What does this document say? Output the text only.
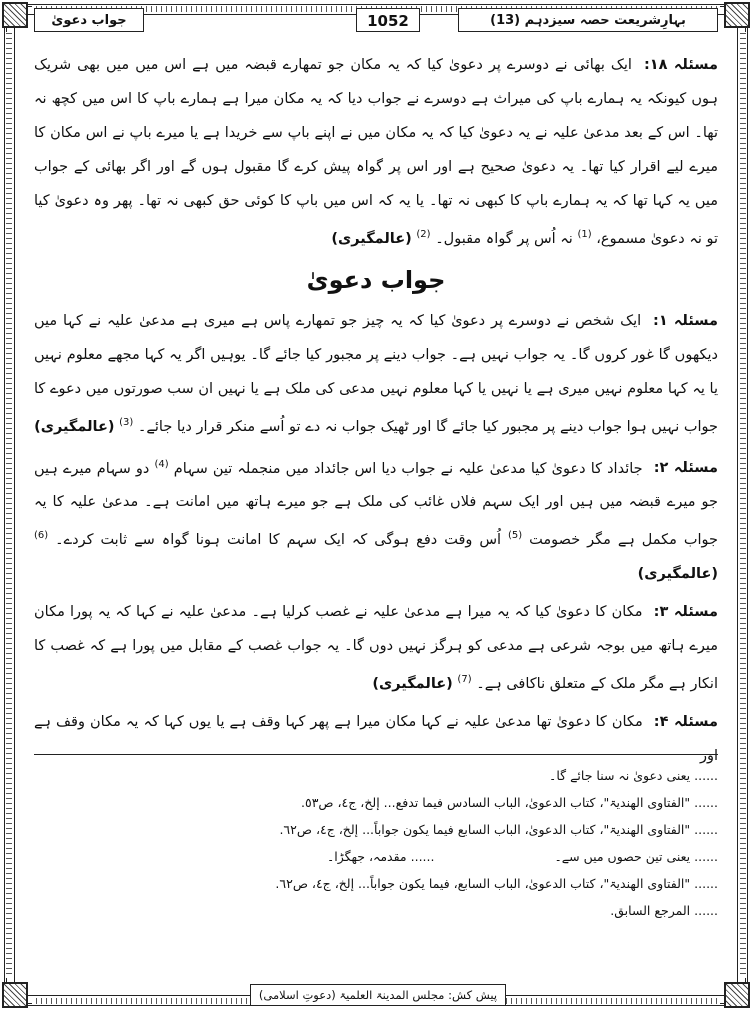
بہارِشریعت حصہ سیزدہم (13)
1052
جواب دعویٰ

مسئلہ ۱۸: ایک بھائی نے دوسرے پر دعویٰ کیا کہ یہ مکان جو تمھارے قبضہ میں ہے اس میں میں بھی شریک ہوں کیونکہ یہ ہمارے باپ کی میراث ہے دوسرے نے جواب دیا کہ یہ مکان میرا ہے ہمارے باپ کا اس میں کچھ نہ تھا۔ اس کے بعد مدعیٰ علیہ نے یہ دعویٰ کیا کہ یہ مکان میں نے اپنے باپ سے خریدا ہے یا میرے باپ نے اس مکان کا میرے لیے اقرار کیا تھا۔ یہ دعویٰ صحیح ہے اور اس پر گواہ پیش کرے گا مقبول ہوں گے اور اگر بھائی کے جواب میں یہ کہا تھا کہ یہ ہمارے باپ کا کبھی نہ تھا۔ یا یہ کہ اس میں باپ کا کوئی حق کبھی نہ تھا۔ پھر وہ دعویٰ کیا تو نہ دعویٰ مسموع، $^{(1)}$ نہ اُس پر گواہ مقبول۔ $^{(2)}$ (عالمگیری)

جواب دعویٰ

مسئلہ ۱: ایک شخص نے دوسرے پر دعویٰ کیا کہ یہ چیز جو تمھارے پاس ہے میری ہے مدعیٰ علیہ نے کہا میں دیکھوں گا غور کروں گا۔ یہ جواب نہیں ہے۔ جواب دینے پر مجبور کیا جائے گا۔ یوہیں اگر یہ کہا مجھے معلوم نہیں یا یہ کہا معلوم نہیں میری ہے یا نہیں یا کہا معلوم نہیں مدعی کی ملک ہے یا نہیں ان سب صورتوں میں دعوے کا جواب نہیں ہوا جواب دینے پر مجبور کیا جائے گا اور ٹھیک جواب نہ دے تو اُسے منکر قرار دیا جائے۔ $^{(3)}$ (عالمگیری)

مسئلہ ۲: جائداد کا دعویٰ کیا مدعیٰ علیہ نے جواب دیا اس جائداد میں منجملہ تین سہام $^{(4)}$ دو سہام میرے ہیں جو میرے قبضہ میں ہیں اور ایک سہم فلاں غائب کی ملک ہے جو میرے ہاتھ میں امانت ہے۔ مدعیٰ علیہ کا یہ جواب مکمل ہے مگر خصومت $^{(5)}$ اُس وقت دفع ہوگی کہ ایک سہم کا امانت ہونا گواہ سے ثابت کردے۔ $^{(6)}$ (عالمگیری)

مسئلہ ۳: مکان کا دعویٰ کیا کہ یہ میرا ہے مدعیٰ علیہ نے غصب کرلیا ہے۔ مدعیٰ علیہ نے کہا کہ یہ پورا مکان میرے ہاتھ میں بوجہ شرعی ہے مدعی کو ہرگز نہیں دوں گا۔ یہ جواب غصب کے مقابل میں پورا ہے کہ غصب کا انکار ہے مگر ملک کے متعلق ناکافی ہے۔ $^{(7)}$ (عالمگیری)

مسئلہ ۴: مکان کا دعویٰ تھا مدعیٰ علیہ نے کہا مکان میرا ہے پھر کہا وقف ہے یا یوں کہا کہ یہ مکان وقف ہے اور

......یعنی دعویٰ نہ سنا جائے گا۔
......"الفتاوی الھندیۃ"، کتاب الدعویٰ، الباب السادس فیما تدفع... إلخ، ج٤، ص٥٣.
......"الفتاوی الھندیۃ"، کتاب الدعویٰ، الباب السابع فیما یکون جواباً... إلخ، ج٤، ص٦٢.
......
یعنی تین حصوں میں سے۔
......مقدمہ، جھگڑا۔
......"الفتاوی الھندیۃ"، کتاب الدعویٰ، الباب السابع، فیما یکون جواباً... إلخ، ج٤، ص٦٢.
......المرجع السابق.
پیش کش: مجلس المدینۃ العلمیۃ (دعوتِ اسلامی)
